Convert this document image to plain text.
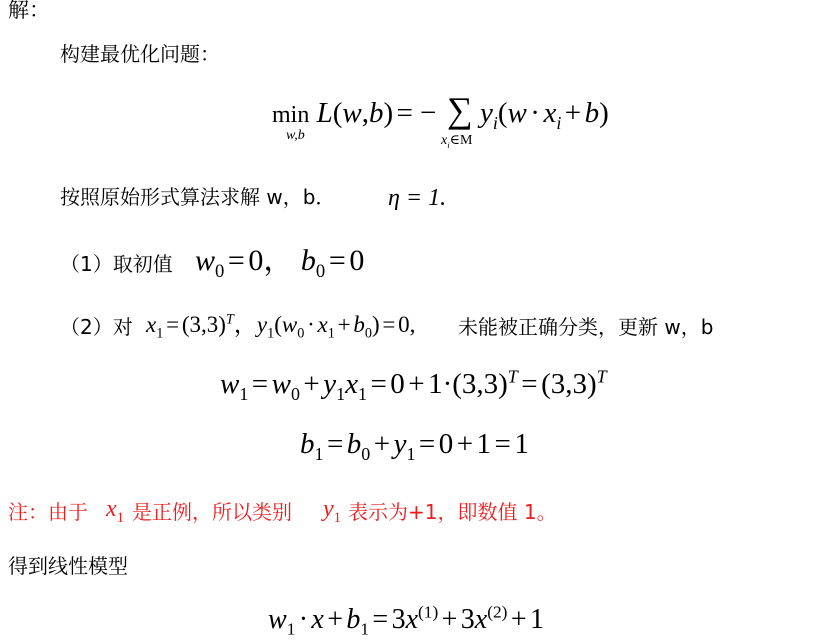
解：
构建最优化问题：
min
w,b
L(w,b) = − ∑
$x_i\in M$
$y_i(w \cdot x_i + b)$
按照原始形式算法求解 w，b． η = 1.
（1）取初值 $w_0 = 0$， $b_0 = 0$
（2）对 $x_1 = (3,3)^T$，$y_1(w_0 \cdot x_1 + b_0) = 0$, 未能被正确分类，更新 w，b
$w_1 = w_0 + y_1x_1 = 0 + 1\cdot(3,3)^T = (3,3)^T$
$b_1 = b_0 + y_1 = 0 + 1 = 1$
注：由于 $x_1$ 是正例，所以类别 $y_1$ 表示为+1，即数值 1。
得到线性模型
$w_1 \cdot x + b_1 = 3x^{(1)} + 3x^{(2)} + 1$
